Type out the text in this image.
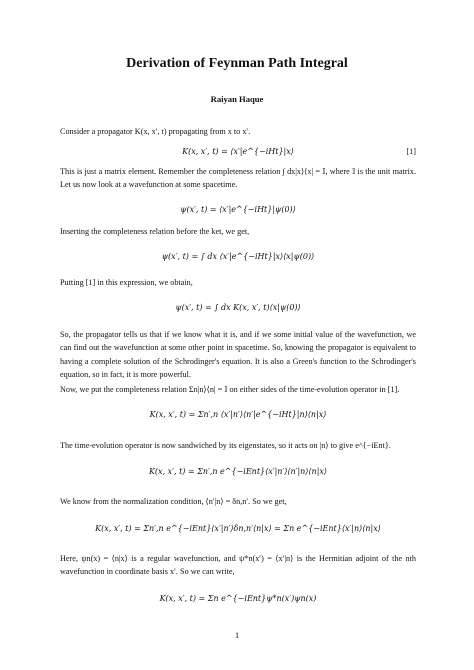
Derivation of Feynman Path Integral
Raiyan Haque

Consider a propagator K(x, x′, t) propagating from x to x′.

K(x, x′, t) = ⟨x′|e^{−iHt}|x⟩	[1]

This is just a matrix element. Remember the completeness relation ∫ dx|x⟩⟨x| = 𝕀, where 𝕀 is the unit matrix. Let us now look at a wavefunction at some spacetime.

ψ(x′, t) = ⟨x′|e^{−iHt}|ψ(0)⟩

Inserting the completeness relation before the ket, we get,

ψ(x′, t) = ∫ dx ⟨x′|e^{−iHt}|x⟩⟨x|ψ(0)⟩

Putting [1] in this expression, we obtain,

ψ(x′, t) = ∫ dx K(x, x′, t)⟨x|ψ(0)⟩

So, the propagator tells us that if we know what it is, and if we some initial value of the wavefunction, we can find out the wavefunction at some other point in spacetime. So, knowing the propagator is equivalent to having a complete solution of the Schrodinger's equation. It is also a Green's function to the Schrodinger's equation, so in fact, it is more powerful.

Now, we put the completeness relation Σn|n⟩⟨n| = 𝕀 on either sides of the time-evolution operator in [1].

K(x, x′, t) = Σn′,n ⟨x′|n′⟩⟨n′|e^{−iHt}|n⟩⟨n|x⟩

The time-evolution operator is now sandwiched by its eigenstates, so it acts on |n⟩ to give e^{−iEnt}.

K(x, x′, t) = Σn′,n e^{−iEnt}⟨x′|n′⟩⟨n′|n⟩⟨n|x⟩

We know from the normalization condition, ⟨n′|n⟩ = δn,n′. So we get,

K(x, x′, t) = Σn′,n e^{−iEnt}⟨x′|n′⟩δn,n′⟨n|x⟩ = Σn e^{−iEnt}⟨x′|n⟩⟨n|x⟩

Here, ψn(x) = ⟨n|x⟩ is a regular wavefunction, and ψ*n(x′) = ⟨x′|n⟩ is the Hermitian adjoint of the nth wavefunction in coordinate basis x′. So we can write,

K(x, x′, t) = Σn e^{−iEnt}ψ*n(x′)ψn(x)
1
